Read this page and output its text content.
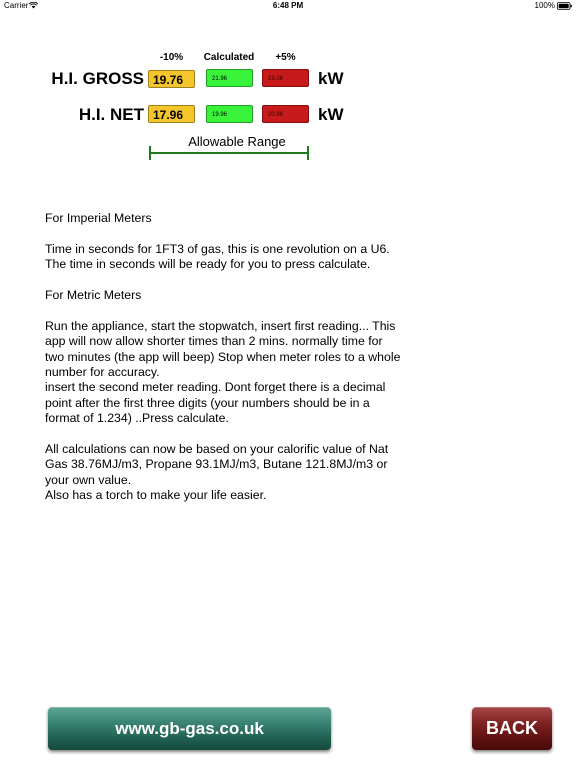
Carrier	6:48 PM	100%
-10%	Calculated	+5%
H.I. GROSS 19.76	21.96	23.06	kW
H.I. NET 17.96	19.96	20.96	kW
Allowable Range

For Imperial Meters

Time in seconds for 1FT3 of gas, this is one revolution on a U6. The time in seconds will be ready for you to press calculate.

For Metric Meters

Run the appliance, start the stopwatch, insert first reading... This app will now allow shorter times than 2 mins. normally time for two minutes (the app will beep) Stop when meter roles to a whole number for accuracy.
insert the second meter reading. Dont forget there is a decimal point after the first three digits (your numbers should be in a format of 1.234) ..Press calculate.

All calculations can now be based on your calorific value of Nat Gas 38.76MJ/m3, Propane 93.1MJ/m3, Butane 121.8MJ/m3 or your own value.
Also has a torch to make your life easier.

www.gb-gas.co.uk	BACK
